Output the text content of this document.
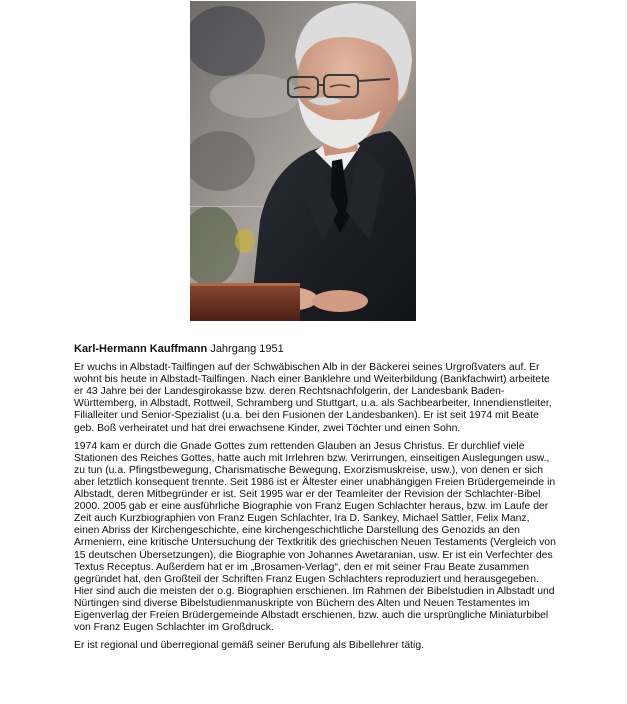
Karl-Hermann Kauffmann Jahrgang 1951

Er wuchs in Albstadt-Tailfingen auf der Schwäbischen Alb in der Bäckerei seines Urgroßvaters auf. Er wohnt bis heute in Albstadt-Tailfingen. Nach einer Banklehre und Weiterbildung (Bankfachwirt) arbeitete er 43 Jahre bei der Landesgirokasse bzw. deren Rechtsnachfolgerin, der Landesbank Baden-Württemberg, in Albstadt, Rottweil, Schramberg und Stuttgart, u.a. als Sachbearbeiter, Innendienstleiter, Filialleiter und Senior-Spezialist (u.a. bei den Fusionen der Landesbanken). Er ist seit 1974 mit Beate geb. Boß verheiratet und hat drei erwachsene Kinder, zwei Töchter und einen Sohn.

1974 kam er durch die Gnade Gottes zum rettenden Glauben an Jesus Christus. Er durchlief viele Stationen des Reiches Gottes, hatte auch mit Irrlehren bzw. Verirrungen, einseitigen Auslegungen usw., zu tun (u.a. Pfingstbewegung, Charismatische Bewegung, Exorzismuskreise, usw.), von denen er sich aber letztlich konsequent trennte. Seit 1986 ist er Ältester einer unabhängigen Freien Brüdergemeinde in Albstadt, deren Mitbegründer er ist. Seit 1995 war er der Teamleiter der Revision der Schlachter-Bibel 2000. 2005 gab er eine ausführliche Biographie von Franz Eugen Schlachter heraus, bzw. im Laufe der Zeit auch Kurzbiographien von Franz Eugen Schlachter, Ira D. Sankey, Michael Sattler, Felix Manz, einen Abriss der Kirchengeschichte, eine kirchengeschichtliche Darstellung des Genozids an den Armeniern, eine kritische Untersuchung der Textkritik des griechischen Neuen Testaments (Vergleich von 15 deutschen Übersetzungen), die Biographie von Johannes Awetaranian, usw. Er ist ein Verfechter des Textus Receptus. Außerdem hat er im „Brosamen-Verlag“, den er mit seiner Frau Beate zusammen gegründet hat, den Großteil der Schriften Franz Eugen Schlachters reproduziert und herausgegeben. Hier sind auch die meisten der o.g. Biographien erschienen. Im Rahmen der Bibelstudien in Albstadt und Nürtingen sind diverse Bibelstudienmanuskripte von Büchern des Alten und Neuen Testamentes im Eigenverlag der Freien Brüdergemeinde Albstadt erschienen, bzw. auch die ursprüngliche Miniaturbibel von Franz Eugen Schlachter im Großdruck.

Er ist regional und überregional gemäß seiner Berufung als Bibellehrer tätig.
